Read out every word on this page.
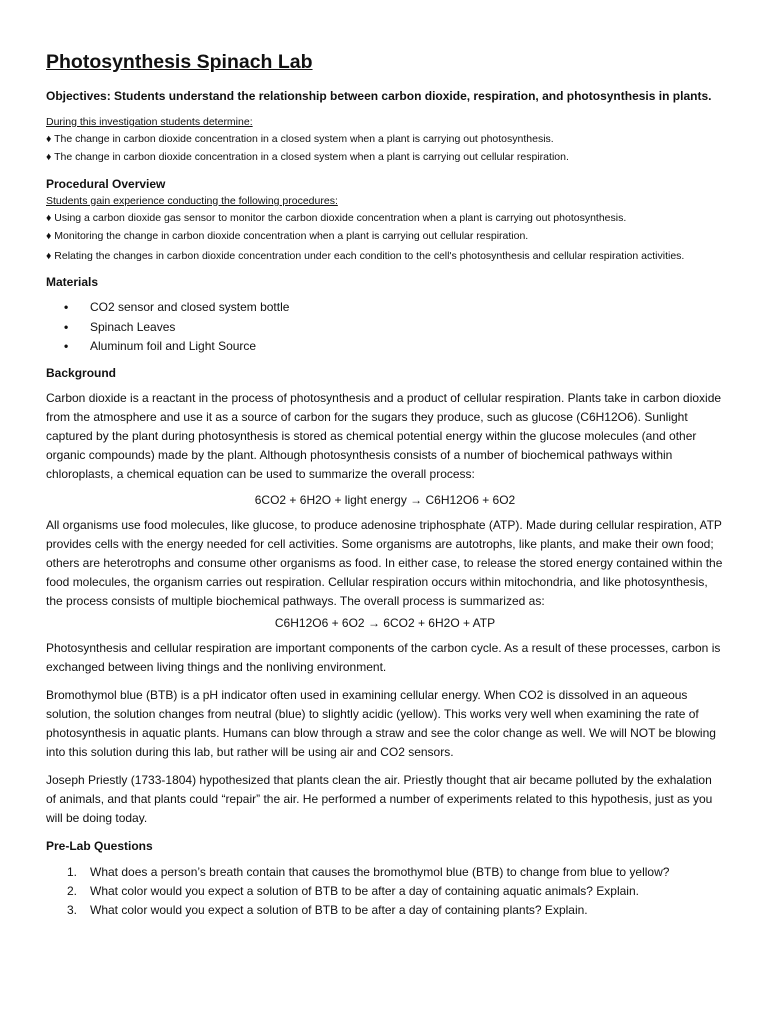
Photosynthesis Spinach Lab
Objectives: Students understand the relationship between carbon dioxide, respiration, and photosynthesis in plants.
During this investigation students determine:
♦ The change in carbon dioxide concentration in a closed system when a plant is carrying out photosynthesis.
♦ The change in carbon dioxide concentration in a closed system when a plant is carrying out cellular respiration.
Procedural Overview
Students gain experience conducting the following procedures:
♦ Using a carbon dioxide gas sensor to monitor the carbon dioxide concentration when a plant is carrying out photosynthesis.
♦ Monitoring the change in carbon dioxide concentration when a plant is carrying out cellular respiration.
♦ Relating the changes in carbon dioxide concentration under each condition to the cell's photosynthesis and cellular respiration activities.
Materials
• CO2 sensor and closed system bottle
• Spinach Leaves
• Aluminum foil and Light Source
Background

Carbon dioxide is a reactant in the process of photosynthesis and a product of cellular respiration. Plants take in carbon dioxide from the atmosphere and use it as a source of carbon for the sugars they produce, such as glucose (C6H12O6). Sunlight captured by the plant during photosynthesis is stored as chemical potential energy within the glucose molecules (and other organic compounds) made by the plant. Although photosynthesis consists of a number of biochemical pathways within chloroplasts, a chemical equation can be used to summarize the overall process:

6CO2 + 6H2O + light energy → C6H12O6 + 6O2

All organisms use food molecules, like glucose, to produce adenosine triphosphate (ATP). Made during cellular respiration, ATP provides cells with the energy needed for cell activities. Some organisms are autotrophs, like plants, and make their own food; others are heterotrophs and consume other organisms as food. In either case, to release the stored energy contained within the food molecules, the organism carries out respiration. Cellular respiration occurs within mitochondria, and like photosynthesis, the process consists of multiple biochemical pathways. The overall process is summarized as:

C6H12O6 + 6O2 → 6CO2 + 6H2O + ATP

Photosynthesis and cellular respiration are important components of the carbon cycle. As a result of these processes, carbon is exchanged between living things and the nonliving environment.

Bromothymol blue (BTB) is a pH indicator often used in examining cellular energy. When CO2 is dissolved in an aqueous solution, the solution changes from neutral (blue) to slightly acidic (yellow). This works very well when examining the rate of photosynthesis in aquatic plants. Humans can blow through a straw and see the color change as well. We will NOT be blowing into this solution during this lab, but rather will be using air and CO2 sensors.

Joseph Priestly (1733-1804) hypothesized that plants clean the air. Priestly thought that air became polluted by the exhalation of animals, and that plants could “repair” the air. He performed a number of experiments related to this hypothesis, just as you will be doing today.

Pre-Lab Questions
1. What does a person’s breath contain that causes the bromothymol blue (BTB) to change from blue to yellow?
2. What color would you expect a solution of BTB to be after a day of containing aquatic animals? Explain.
3. What color would you expect a solution of BTB to be after a day of containing plants? Explain.
